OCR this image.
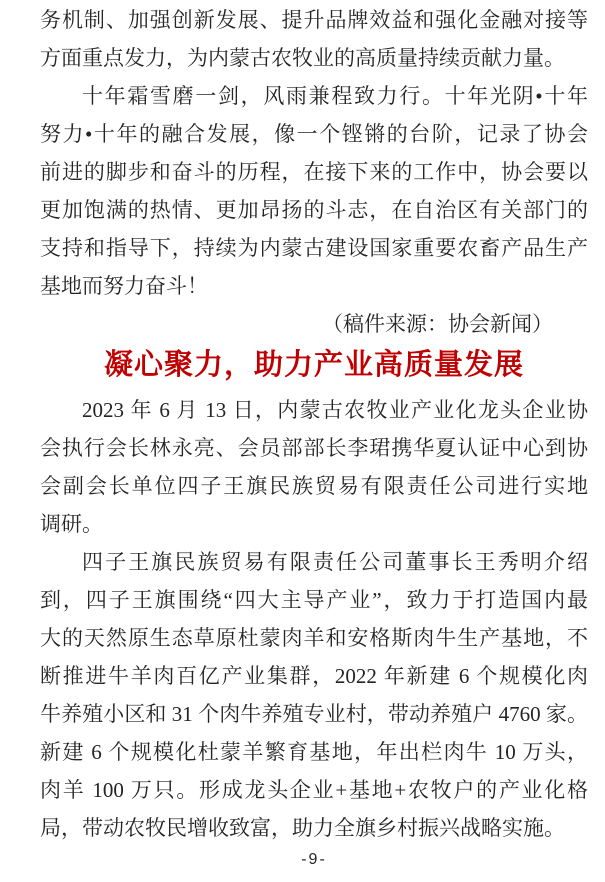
务机制、加强创新发展、提升品牌效益和强化金融对接等
方面重点发力，为内蒙古农牧业的高质量持续贡献力量。
十年霜雪磨一剑，风雨兼程致力行。十年光阴•十年
努力•十年的融合发展，像一个铿锵的台阶，记录了协会
前进的脚步和奋斗的历程，在接下来的工作中，协会要以
更加饱满的热情、更加昂扬的斗志，在自治区有关部门的
支持和指导下，持续为内蒙古建设国家重要农畜产品生产
基地而努力奋斗！
（稿件来源：协会新闻）
凝心聚力，助力产业高质量发展
2023 年 6 月 13 日，内蒙古农牧业产业化龙头企业协
会执行会长林永亮、会员部部长李珺携华夏认证中心到协
会副会长单位四子王旗民族贸易有限责任公司进行实地
调研。
四子王旗民族贸易有限责任公司董事长王秀明介绍
到，四子王旗围绕“四大主导产业”，致力于打造国内最
大的天然原生态草原杜蒙肉羊和安格斯肉牛生产基地，不
断推进牛羊肉百亿产业集群，2022 年新建 6 个规模化肉
牛养殖小区和 31 个肉牛养殖专业村，带动养殖户 4760 家。
新建 6 个规模化杜蒙羊繁育基地，年出栏肉牛 10 万头，
肉羊 100 万只。形成龙头企业+基地+农牧户的产业化格
局，带动农牧民增收致富，助力全旗乡村振兴战略实施。
-9-
